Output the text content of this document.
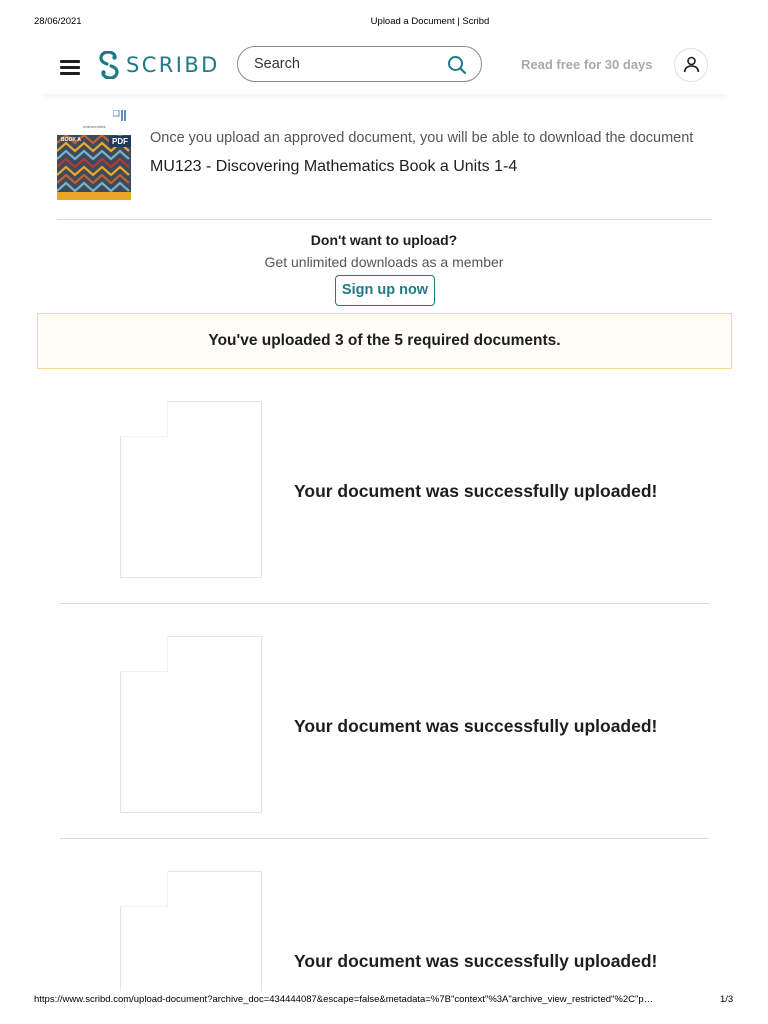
28/06/2021	Upload a Document | Scribd
SCRIBD Search	Read free for 30 days
mathematics
BOOK A	PDF Once you upload an approved document, you will be able to download the document
MU123 - Discovering Mathematics Book a Units 1-4
Don't want to upload?
Get unlimited downloads as a member
Sign up now
You've uploaded 3 of the 5 required documents.
Your document was successfully uploaded!
Your document was successfully uploaded!
Your document was successfully uploaded!
https://www.scribd.com/upload-document?archive_doc=434444087&escape=false&metadata=%7B"context"%3A"archive_view_restricted"%2C"p…	1/3
